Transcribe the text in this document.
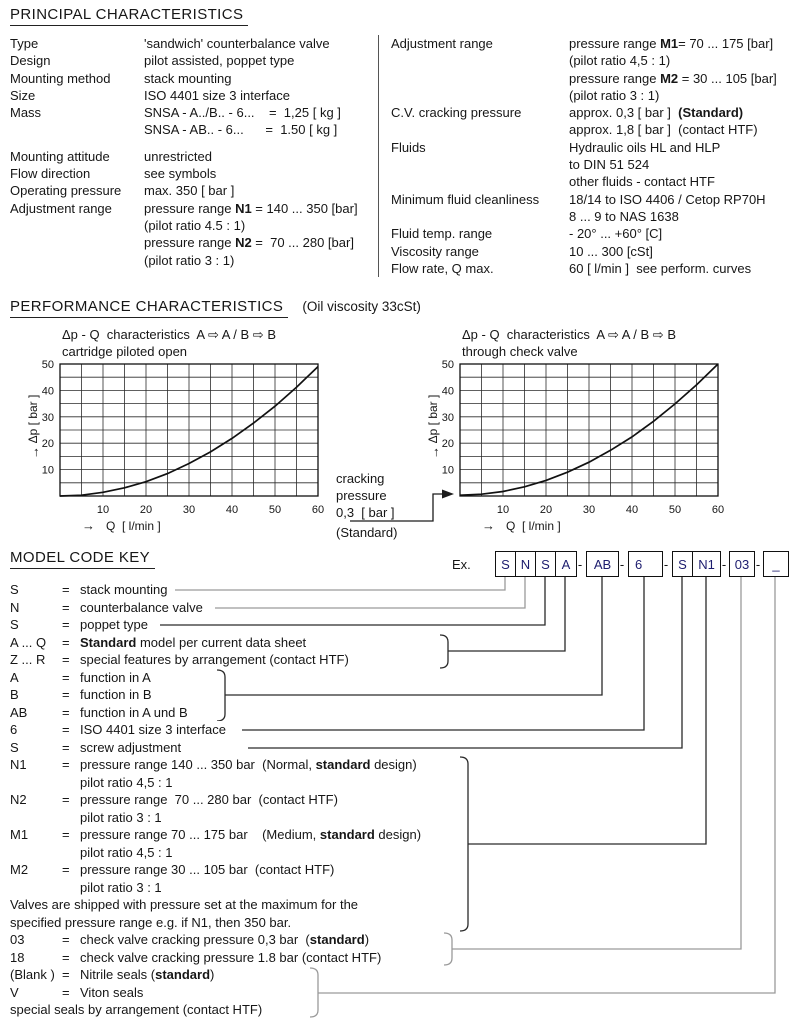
PRINCIPAL CHARACTERISTICS
Type	'sandwich' counterbalance valve
Design	pilot assisted, poppet type
Mounting method	stack mounting
Size	ISO 4401 size 3 interface
Mass	SNSA - A../B.. - 6...    =  1,25 [ kg ]
SNSA - AB.. - 6...      =  1.50 [ kg ]
Mounting attitude	unrestricted
Flow direction	see symbols
Operating pressure	max. 350 [ bar ]
Adjustment range	pressure range N1 = 140 ... 350 [bar]
(pilot ratio 4.5 : 1)
pressure range N2 =  70 ... 280 [bar]
(pilot ratio 3 : 1)
Adjustment range	pressure range M1= 70 ... 175 [bar]
(pilot ratio 4,5 : 1)
pressure range M2 = 30 ... 105 [bar]
(pilot ratio 3 : 1)
C.V. cracking pressure	approx. 0,3 [ bar ]  (Standard)
approx. 1,8 [ bar ]  (contact HTF)
Fluids	Hydraulic oils HL and HLP
to DIN 51 524
other fluids - contact HTF
Minimum fluid cleanliness	18/14 to ISO 4406 / Cetop RP70H
8 ... 9 to NAS 1638
Fluid temp. range	- 20° ... +60° [C]
Viscosity range	10 ... 300 [cSt]
Flow rate, Q max.	60 [ l/min ]  see perform. curves
PERFORMANCE CHARACTERISTICS (Oil viscosity 33cSt)
Δp - Q  characteristics  A ⇨ A / B ⇨ B
cartridge piloted open
10
20
30
40
50
10	20	30	40	50	60
→ Q  [ l/min ]
Δp [ bar ]
↑
Δp - Q  characteristics  A ⇨ A / B ⇨ B
through check valve
10
20
30
40
50
10	20	30	40	50	60
→ Q  [ l/min ]
Δp [ bar ]
↑
cracking
pressure
0,3  [ bar ]
(Standard)
MODEL CODE KEY	Ex.	S N S A - AB - 6	- S N1 - 03 - _
S	= stack mounting
N	= counterbalance valve
S	= poppet type
A ... Q	= Standard model per current data sheet
Z ... R	= special features by arrangement (contact HTF)
A	= function in A
B	= function in B
AB	= function in A und B
6	= ISO 4401 size 3 interface
S	= screw adjustment
N1	= pressure range 140 ... 350 bar  (Normal, standard design)
pilot ratio 4,5 : 1
N2	= pressure range  70 ... 280 bar  (contact HTF)
pilot ratio 3 : 1
M1	= pressure range 70 ... 175 bar    (Medium, standard design)
pilot ratio 4,5 : 1
M2	= pressure range 30 ... 105 bar  (contact HTF)
pilot ratio 3 : 1
Valves are shipped with pressure set at the maximum for the
specified pressure range e.g. if N1, then 350 bar.
03	= check valve cracking pressure 0,3 bar  (standard)
18	= check valve cracking pressure 1.8 bar (contact HTF)
(Blank ) = Nitrile seals (standard)
V	= Viton seals
special seals by arrangement (contact HTF)
